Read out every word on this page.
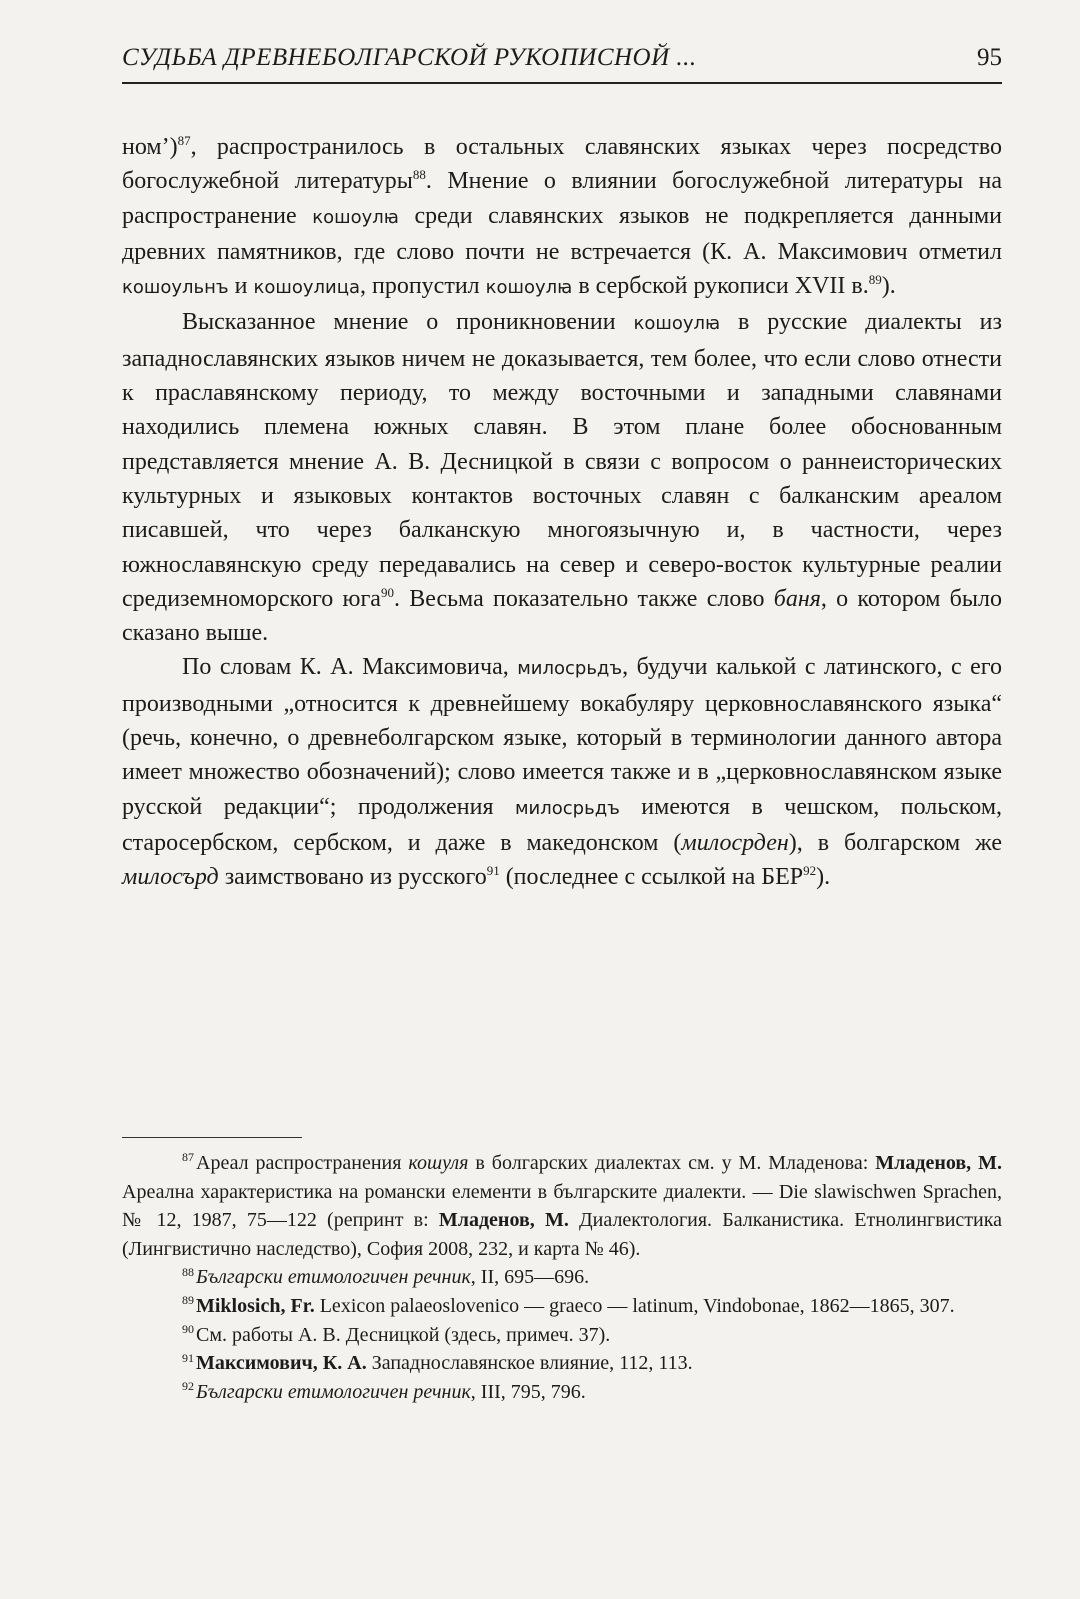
СУДЬБА ДРЕВНЕБОЛГАРСКОЙ РУКОПИСНОЙ ...	95

ном’)$^{87}$, распространилось в остальных славянских языках через посредство богослужебной литературы$^{88}$. Мнение о влиянии богослужебной литературы на распространение кошоулꙗ среди славянских языков не подкрепляется данными древних памятников, где слово почти не встречается (К. А. Максимович отметил кошоульнъ и кошоулица, пропустил кошоулꙗ в сербской рукописи XVII в.$^{89}$).

Высказанное мнение о проникновении кошоулꙗ в русские диалекты из западнославянских языков ничем не доказывается, тем более, что если слово отнести к праславянскому периоду, то между восточными и западными славянами находились племена южных славян. В этом плане более обоснованным представляется мнение А. В. Десницкой в связи с вопросом о раннеисторических культурных и языковых контактов восточных славян с балканским ареалом писавшей, что через балканскую многоязычную и, в частности, через южнославянскую среду передавались на север и северо-восток культурные реалии средиземноморского юга$^{90}$. Весьма показательно также слово баня, о котором было сказано выше.

По словам К. А. Максимовича, милосрьдъ, будучи калькой с латинского, с его производными „относится к древнейшему вокабуляру церковнославянского языка“ (речь, конечно, о древнеболгарском языке, который в терминологии данного автора имеет множество обозначений); слово имеется также и в „церковнославянском языке русской редакции“; продолжения милосрьдъ имеются в чешском, польском, старосербском, сербском, и даже в македонском (милосрден), в болгарском же милосърд заимствовано из русского$^{91}$ (последнее с ссылкой на БЕР$^{92}$).

$^{87}$ Ареал распространения кошуля в болгарских диалектах см. у М. Младенова: Младенов, М. Ареална характеристика на романски елементи в българските диалекти. — Die slawischwen Sprachen, № 12, 1987, 75—122 (репринт в: Младенов, М. Диалектология. Балканистика. Етнолингвистика (Лингвистично наследство), София 2008, 232, и карта № 46).

$^{88}$ Български етимологичен речник, II, 695—696.

$^{89}$ Miklosich, Fr. Lexicon palaeoslovenico — graeco — latinum, Vindobonae, 1862—1865, 307.

$^{90}$ См. работы А. В. Десницкой (здесь, примеч. 37).

$^{91}$ Максимович, К. А. Западнославянское влияние, 112, 113.

$^{92}$ Български етимологичен речник, III, 795, 796.
